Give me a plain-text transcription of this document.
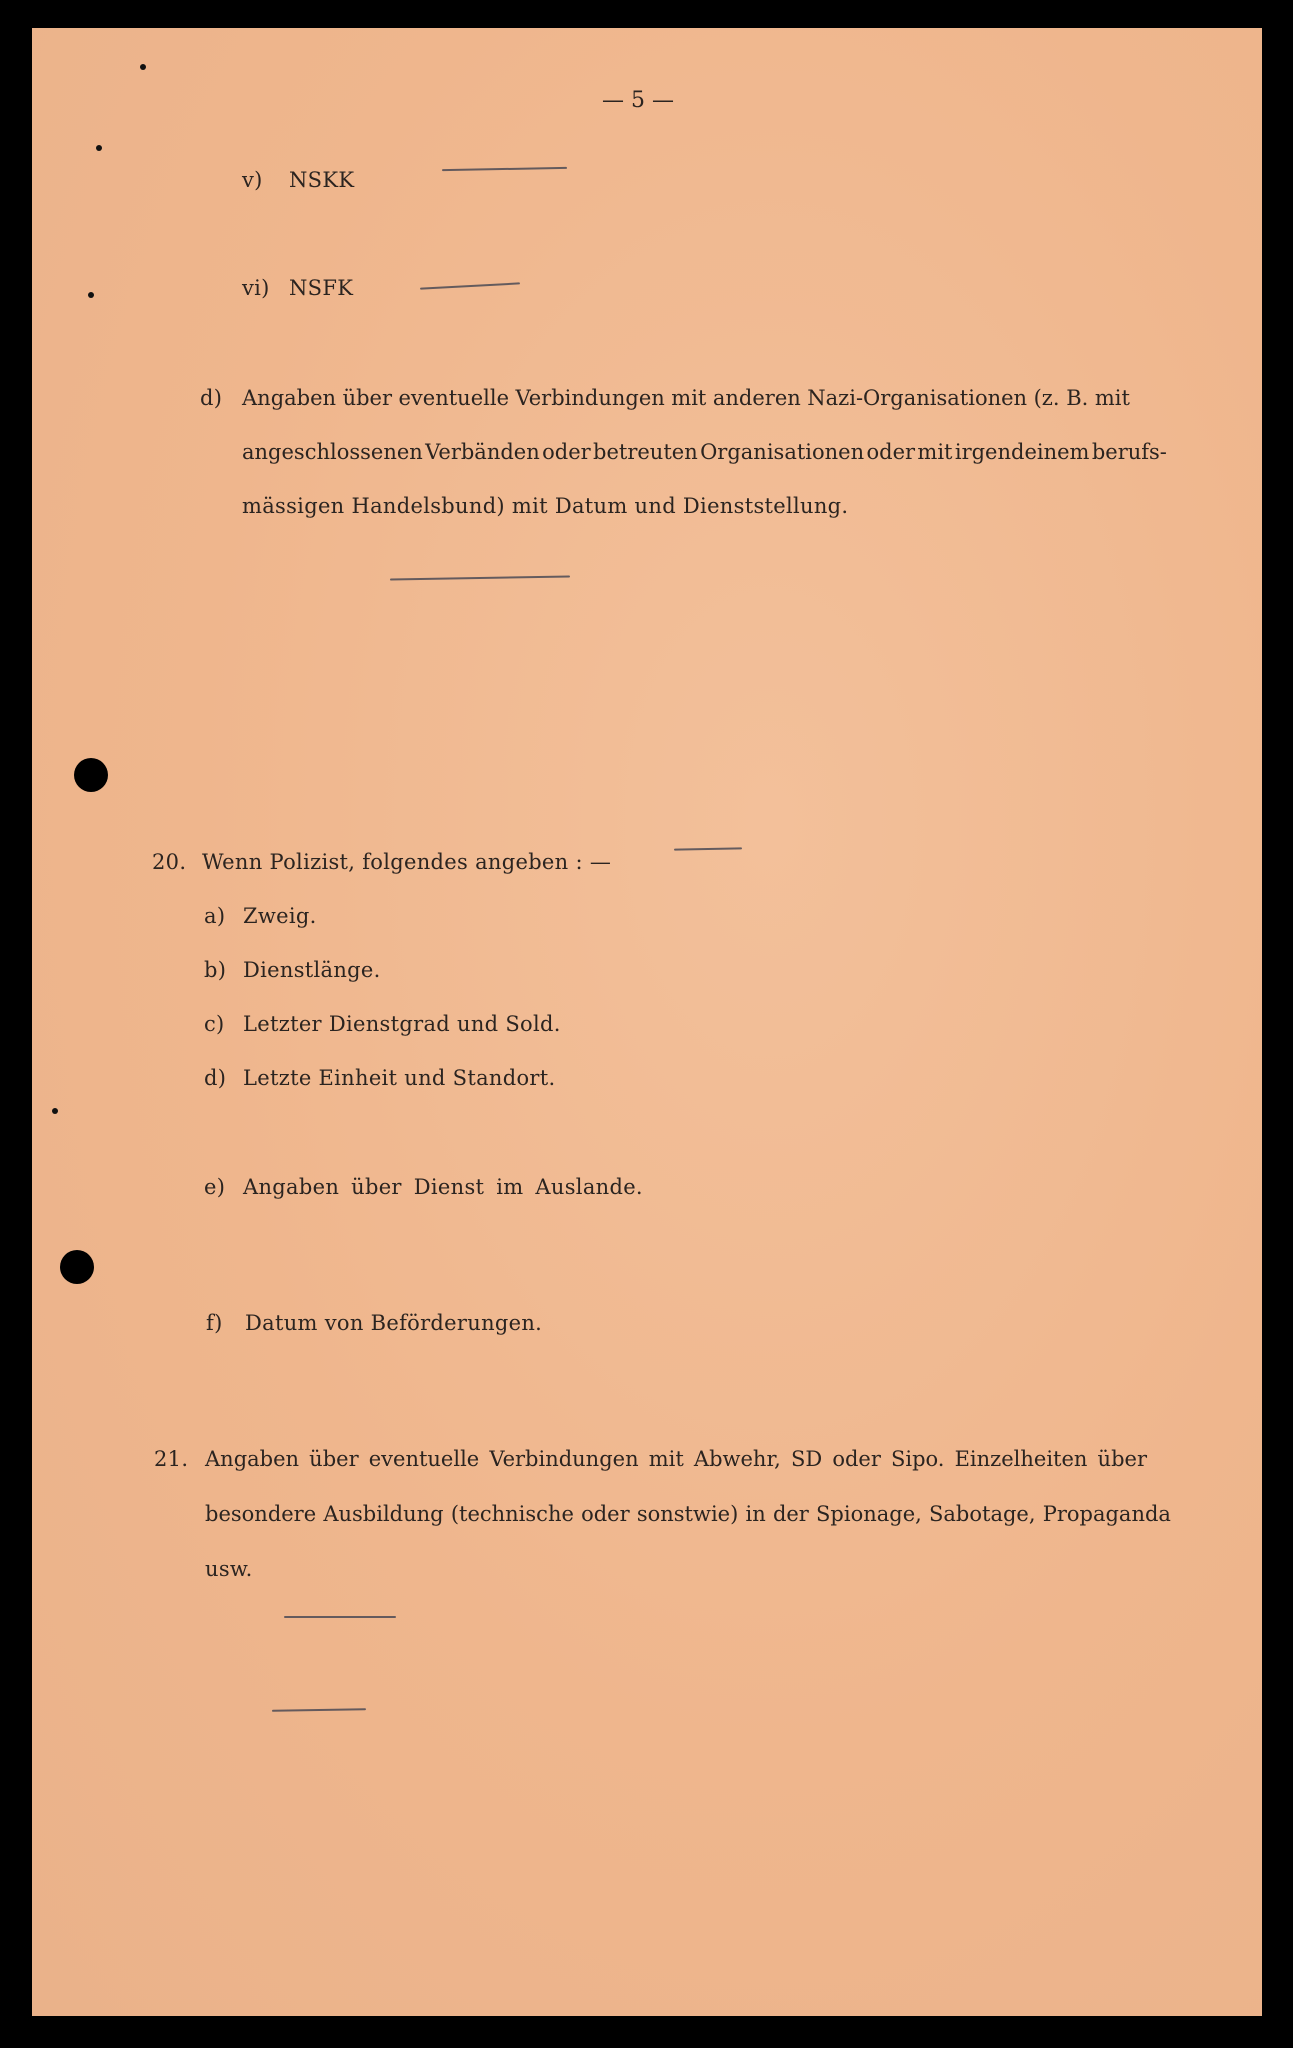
— 5 —
v) NSKK
vi) NSFK
d) Angaben über eventuelle Verbindungen mit anderen Nazi-Organisationen (z. B. mit
angeschlossenen Verbänden oder betreuten Organisationen oder mit irgendeinem berufs-
mässigen Handelsbund) mit Datum und Dienststellung.
20. Wenn Polizist, folgendes angeben : —
a) Zweig.
b) Dienstlänge.
c) Letzter Dienstgrad und Sold.
d) Letzte Einheit und Standort.
e) Angaben über Dienst im Auslande.
f) Datum von Beförderungen.
21. Angaben über eventuelle Verbindungen mit Abwehr, SD oder Sipo. Einzelheiten über
besondere Ausbildung (technische oder sonstwie) in der Spionage, Sabotage, Propaganda
usw.
